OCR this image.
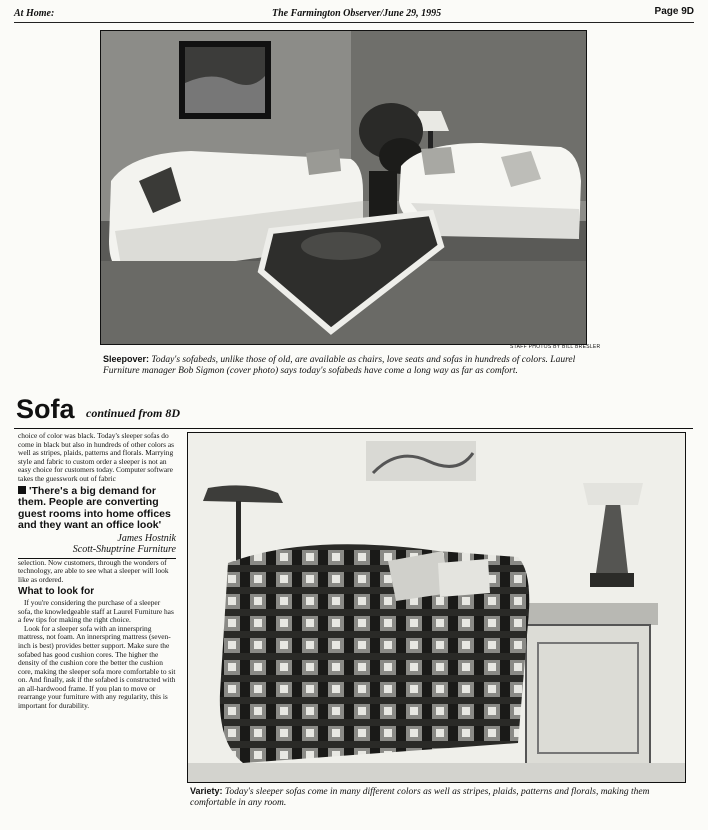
At Home:	The Farmington Observer/June 29, 1995	Page 9D
STAFF PHOTOS BY BILL BRESLER
Sleepover: Today's sofabeds, unlike those of old, are available as chairs, love seats and sofas in hundreds of colors. Laurel Furniture manager Bob Sigmon (cover photo) says today's sofabeds have come a long way as far as comfort.
Sofa continued from 8D

choice of color was black. Today's sleeper sofas do come in black but also in hundreds of other colors as well as stripes, plaids, patterns and florals. Marrying style and fabric to custom order a sleeper is not an easy choice for customers today. Computer software takes the guesswork out of fabric

'There's a big demand for them. People are converting guest rooms into home offices and they want an office look'
James Hostnik
Scott-Shuptrine Furniture

selection. Now customers, through the wonders of technology, are able to see what a sleeper will look like as ordered.

What to look for

If you're considering the purchase of a sleeper sofa, the knowledgeable staff at Laurel Furniture has a few tips for making the right choice.

Look for a sleeper sofa with an innerspring mattress, not foam. An innerspring mattress (seven-inch is best) provides better support. Make sure the sofabed has good cushion cores. The higher the density of the cushion core the better the cushion core, making the sleeper sofa more comfortable to sit on. And finally, ask if the sofabed is constructed with an all-hardwood frame. If you plan to move or rearrange your furniture with any regularity, this is important for durability.

Variety: Today's sleeper sofas come in many different colors as well as stripes, plaids, patterns and florals, making them comfortable in any room.
